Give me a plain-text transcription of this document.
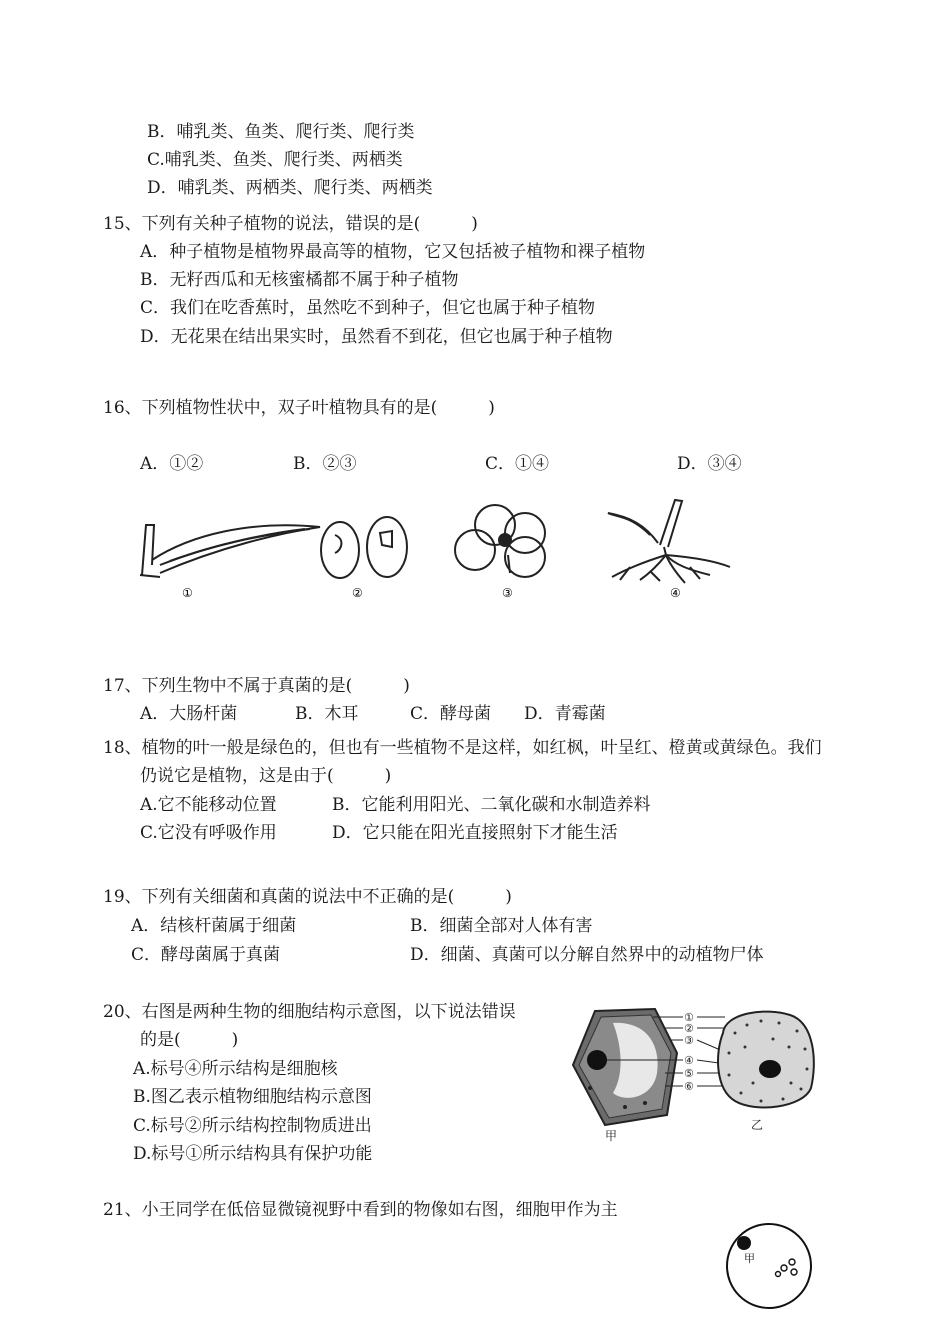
B．哺乳类、鱼类、爬行类、爬行类
C.哺乳类、鱼类、爬行类、两栖类
D．哺乳类、两栖类、爬行类、两栖类
15、下列有关种子植物的说法，错误的是(　　　)
A．种子植物是植物界最高等的植物，它又包括被子植物和裸子植物
B．无籽西瓜和无核蜜橘都不属于种子植物
C．我们在吃香蕉时，虽然吃不到种子，但它也属于种子植物
D．无花果在结出果实时，虽然看不到花，但它也属于种子植物
16、下列植物性状中，双子叶植物具有的是(　　　)
A．①②	B．②③	C．①④	D．③④
①	②	③	④
17、下列生物中不属于真菌的是(　　　)
A．大肠杆菌	B．木耳	C．酵母菌 D．青霉菌
18、植物的叶一般是绿色的，但也有一些植物不是这样，如红枫，叶呈红、橙黄或黄绿色。我们
仍说它是植物，这是由于(　　　)
A.它不能移动位置	B．它能利用阳光、二氧化碳和水制造养料
C.它没有呼吸作用	D．它只能在阳光直接照射下才能生活
19、下列有关细菌和真菌的说法中不正确的是(　　　)
A．结核杆菌属于细菌	B．细菌全部对人体有害
C．酵母菌属于真菌	D．细菌、真菌可以分解自然界中的动植物尸体
20、右图是两种生物的细胞结构示意图，以下说法错误
的是(　　　)
A.标号④所示结构是细胞核
B.图乙表示植物细胞结构示意图
C.标号②所示结构控制物质进出
D.标号①所示结构具有保护功能
①
②
③
④
⑤
⑥
甲
乙
21、小王同学在低倍显微镜视野中看到的物像如右图，细胞甲作为主
甲
